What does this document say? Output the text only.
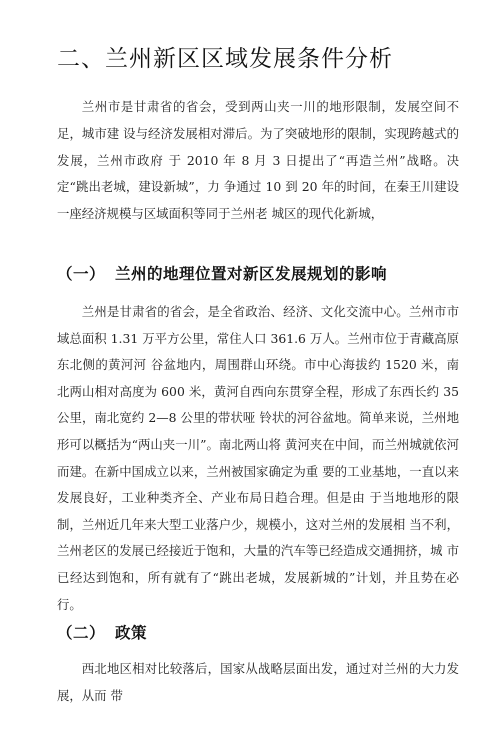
二、兰州新区区域发展条件分析

兰州市是甘肃省的省会，受到两山夹一川的地形限制，发展空间不足，城市建 设与经济发展相对滞后。为了突破地形的限制，实现跨越式的发展，兰州市政府 于 2010 年 8 月 3 日提出了“再造兰州”战略。决定“跳出老城，建设新城”，力 争通过 10 到 20 年的时间，在秦王川建设一座经济规模与区域面积等同于兰州老 城区的现代化新城，

（一） 兰州的地理位置对新区发展规划的影响

兰州是甘肃省的省会，是全省政治、经济、文化交流中心。兰州市市域总面积 1.31 万平方公里，常住人口 361.6 万人。兰州市位于青藏高原东北侧的黄河河 谷盆地内，周围群山环绕。市中心海拔约 1520 米，南北两山相对高度为 600 米，黄河自西向东贯穿全程，形成了东西长约 35 公里，南北宽约 2—8 公里的带状哑 铃状的河谷盆地。简单来说，兰州地形可以概括为“两山夹一川”。南北两山将 黄河夹在中间，而兰州城就依河而建。在新中国成立以来，兰州被国家确定为重 要的工业基地，一直以来发展良好，工业种类齐全、产业布局日趋合理。但是由 于当地地形的限制，兰州近几年来大型工业落户少，规模小，这对兰州的发展相 当不利，兰州老区的发展已经接近于饱和，大量的汽车等已经造成交通拥挤，城 市已经达到饱和，所有就有了“跳出老城，发展新城的”计划，并且势在必行。

（二） 政策

西北地区相对比较落后，国家从战略层面出发，通过对兰州的大力发展，从而 带
